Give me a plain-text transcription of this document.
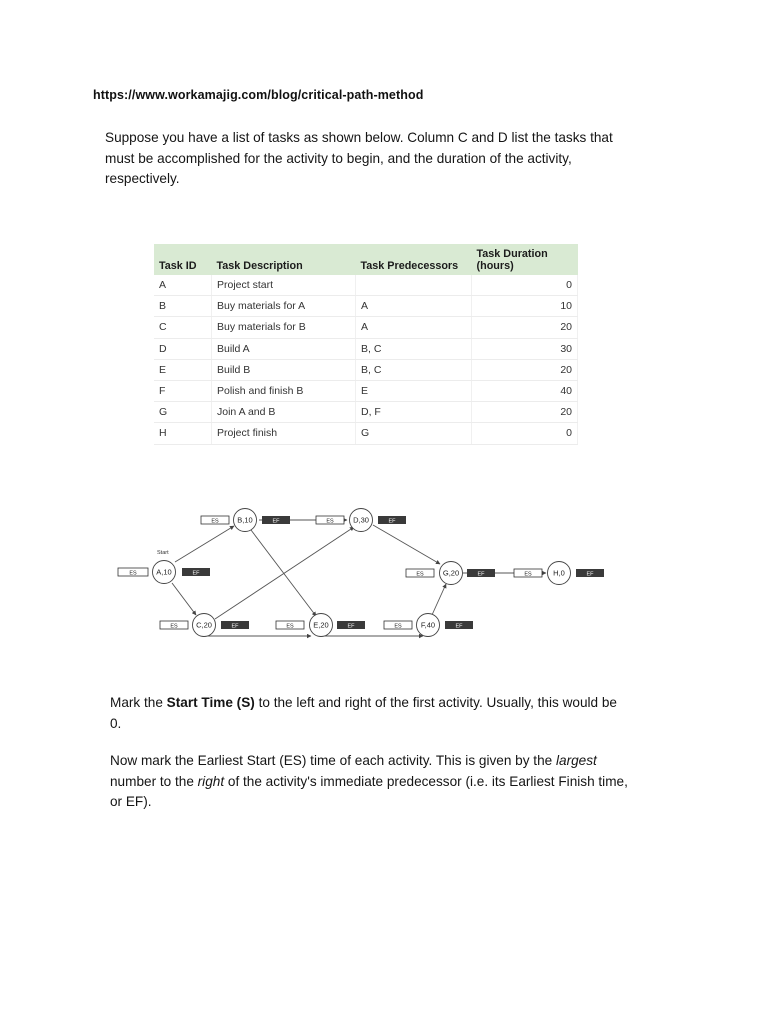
https://www.workamajig.com/blog/critical-path-method
Suppose you have a list of tasks as shown below. Column C and D list the tasks that must be accomplished for the activity to begin, and the duration of the activity, respectively.
Task ID	Task Description	Task Predecessors	Task Duration (hours)
A	Project start		0
B	Buy materials for A	A	10
C	Buy materials for B	A	20
D	Build A	B, C	30
E	Build B	B, C	20
F	Polish and finish B	E	40
G	Join A and B	D, F	20
H	Project finish	G	0
Start
ES	A,10	EF
ES B,10	EF
ES C,20	EF
ES	D,30	EF
ES	E,20	EF	ES	F,40	EF
ES	G,20	EF	ES	H,0	EF
Mark the Start Time (S) to the left and right of the first activity. Usually, this would be 0.
Now mark the Earliest Start (ES) time of each activity. This is given by the largest number to the right of the activity's immediate predecessor (i.e. its Earliest Finish time, or EF).
